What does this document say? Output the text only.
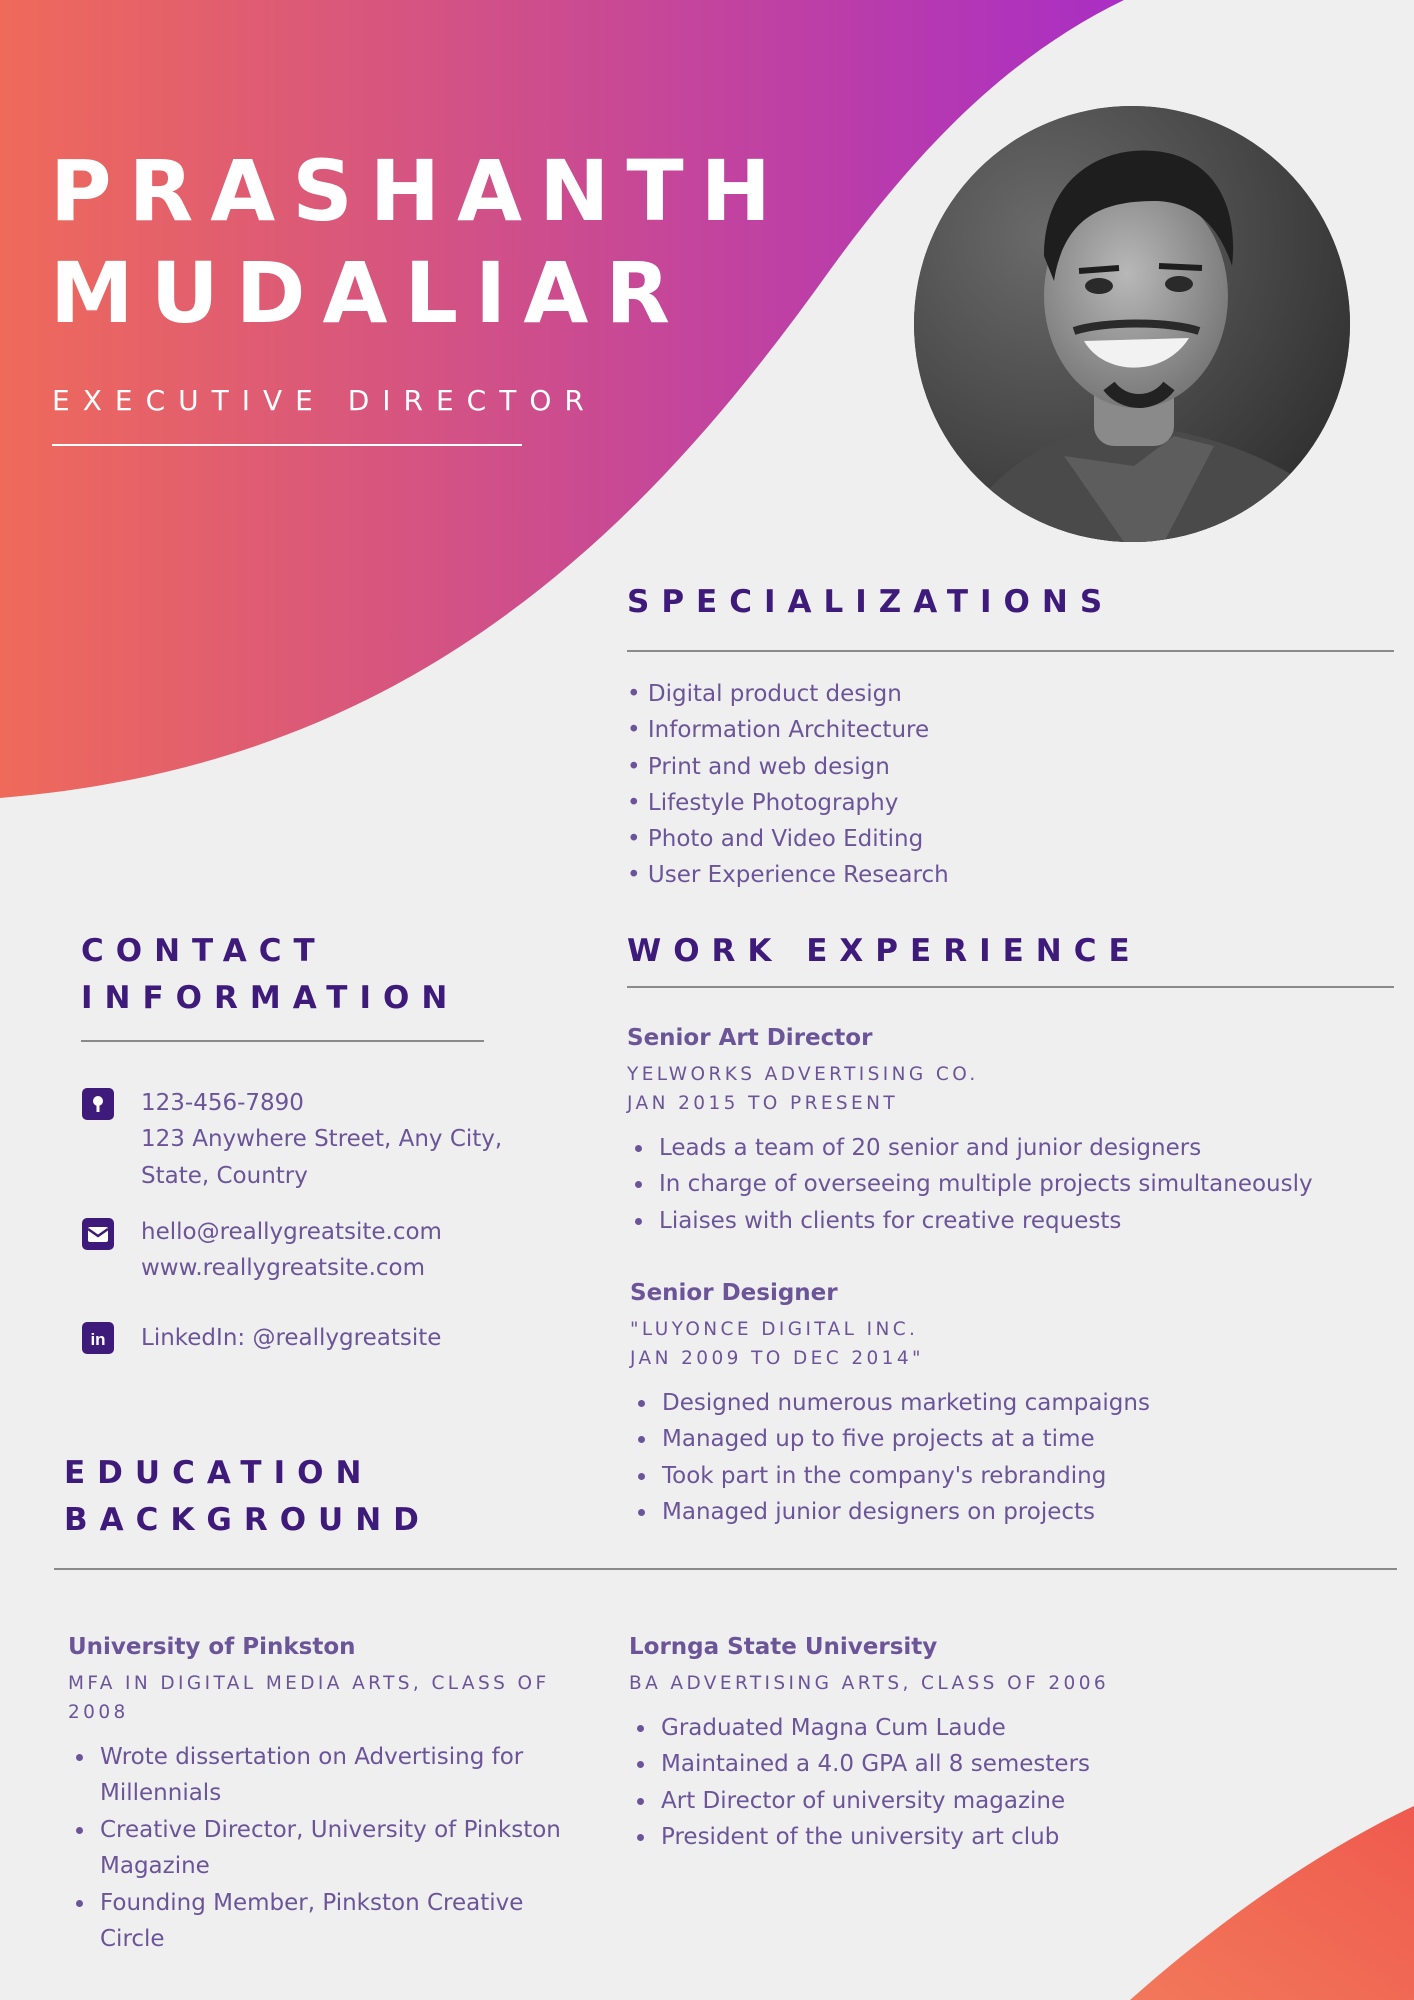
PRASHANTH
MUDALIAR
EXECUTIVE DIRECTOR
SPECIALIZATIONS
• Digital product design
• Information Architecture
• Print and web design
• Lifestyle Photography
• Photo and Video Editing
• User Experience Research
CONTACT
INFORMATION
123-456-7890
123 Anywhere Street, Any City,
State, Country
hello@reallygreatsite.com
www.reallygreatsite.com
in LinkedIn: @reallygreatsite
WORK EXPERIENCE
Senior Art Director
YELWORKS ADVERTISING CO.
JAN 2015 TO PRESENT
Leads a team of 20 senior and junior designers
In charge of overseeing multiple projects simultaneously
Liaises with clients for creative requests
Senior Designer
"LUYONCE DIGITAL INC.
JAN 2009 TO DEC 2014"
Designed numerous marketing campaigns
Managed up to five projects at a time
Took part in the company's rebranding
Managed junior designers on projects
EDUCATION
BACKGROUND
University of Pinkston
MFA IN DIGITAL MEDIA ARTS, CLASS OF
2008
Wrote dissertation on Advertising for Millennials
Creative Director, University of Pinkston Magazine
Founding Member, Pinkston Creative Circle
Lornga State University
BA ADVERTISING ARTS, CLASS OF 2006
Graduated Magna Cum Laude
Maintained a 4.0 GPA all 8 semesters
Art Director of university magazine
President of the university art club
